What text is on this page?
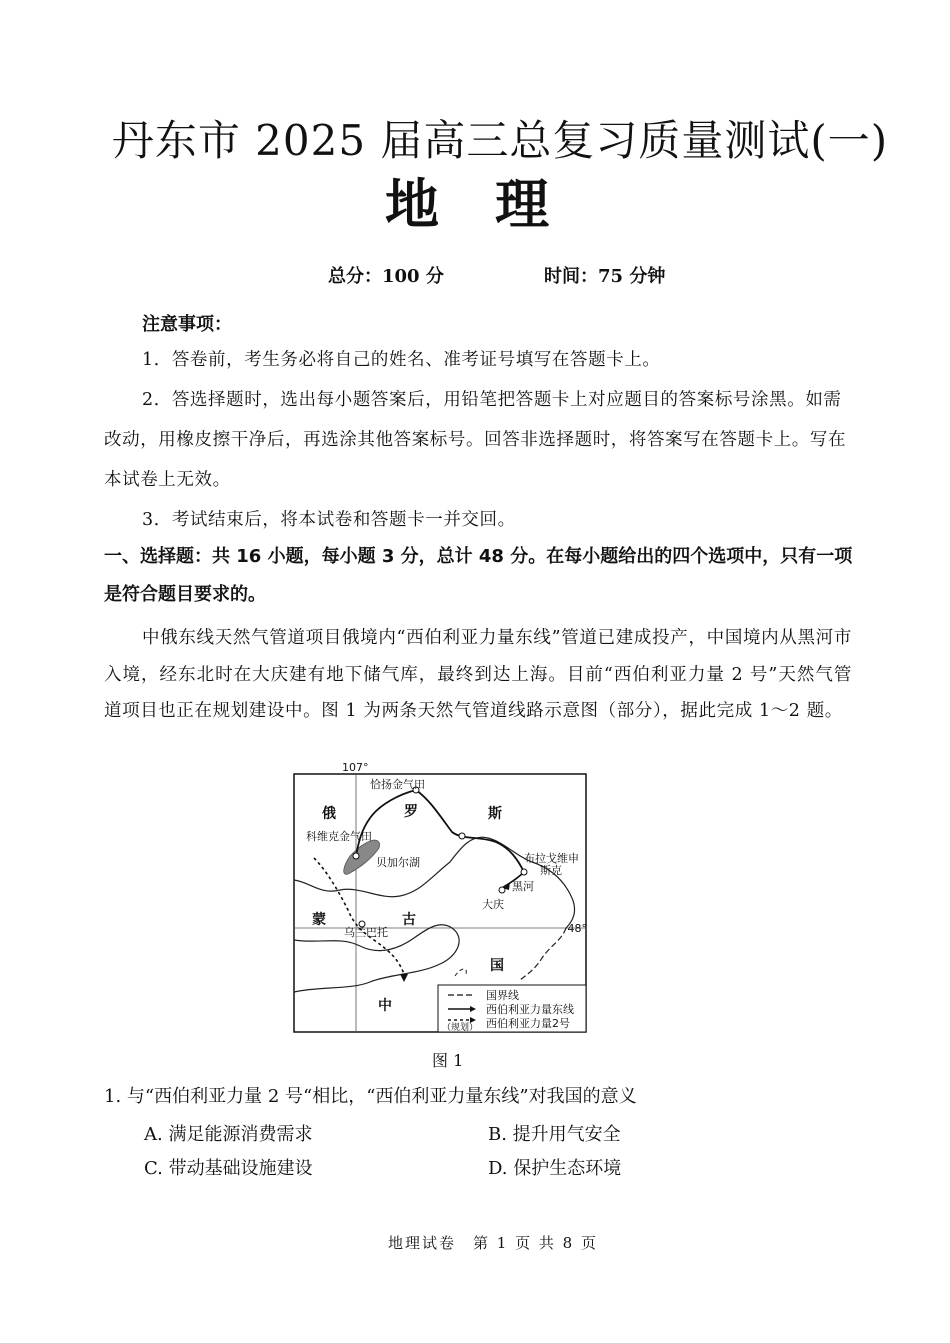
丹东市 2025 届高三总复习质量测试(一)
地理
总分：100 分	时间：75 分钟
注意事项：
1．答卷前，考生务必将自己的姓名、准考证号填写在答题卡上。
2．答选择题时，选出每小题答案后，用铅笔把答题卡上对应题目的答案标号涂黑。如需改动，用橡皮擦干净后，再选涂其他答案标号。回答非选择题时，将答案写在答题卡上。写在本试卷上无效。
3．考试结束后，将本试卷和答题卡一并交回。
一、选择题：共 16 小题，每小题 3 分，总计 48 分。在每小题给出的四个选项中，只有一项是符合题目要求的。
中俄东线天然气管道项目俄境内“西伯利亚力量东线”管道已建成投产，中国境内从黑河市入境，经东北时在大庆建有地下储气库，最终到达上海。目前“西伯利亚力量 2 号”天然气管道项目也正在规划建设中。图 1 为两条天然气管道线路示意图（部分），据此完成 1～2 题。
107°
48°
恰扬金气田
科维克金气田
贝加尔湖	布拉戈维申
斯克
黑河
大庆
乌兰巴托
俄	罗	斯
蒙	古
中
国
国界线
西伯利亚力量东线
（规划） 西伯利亚力量2号
图 1
1. 与“西伯利亚力量 2 号“相比，“西伯利亚力量东线”对我国的意义
A. 满足能源消费需求	B. 提升用气安全
C. 带动基础设施建设	D. 保护生态环境
地理试卷　第 1 页 共 8 页
